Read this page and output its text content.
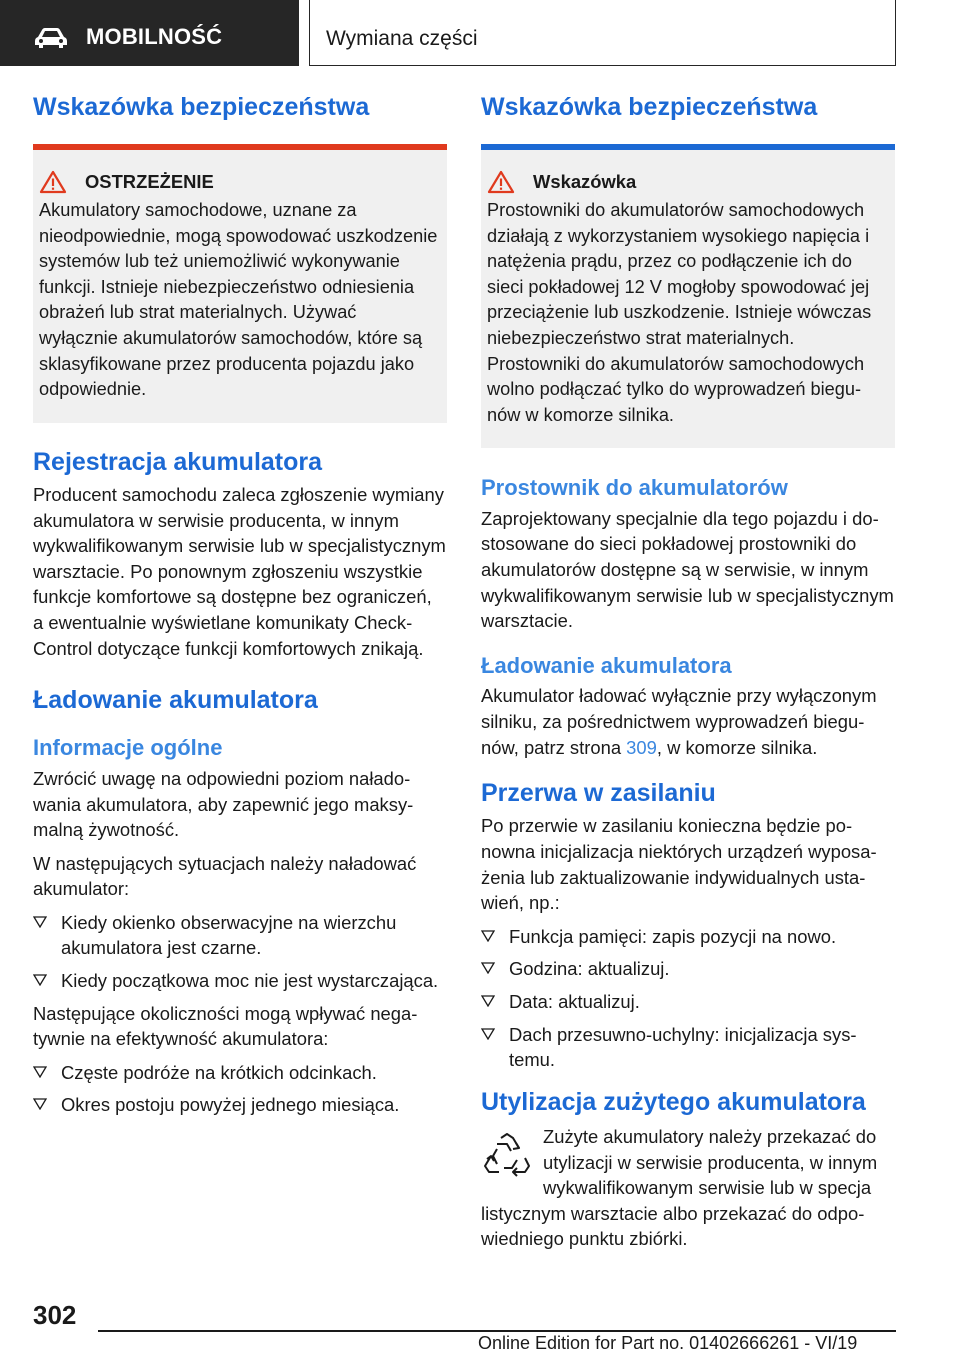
MOBILNOŚĆ	Wymiana części
Wskazówka bezpieczeństwa
OSTRZEŻENIE
Akumulatory samochodowe, uznane za nieodpowiednie, mogą spowodować uszkodzenie systemów lub też uniemożliwić wykonywanie funkcji. Istnieje niebezpieczeństwo odniesienia obrażeń lub strat materialnych. Używać wyłącznie akumulatorów samochodów, które są sklasyfikowane przez producenta pojazdu jako odpowiednie.
Rejestracja akumulatora
Producent samochodu zaleca zgłoszenie wymiany akumulatora w serwisie producenta, w innym wykwalifikowanym serwisie lub w specjalistycznym warsztacie. Po ponownym zgłoszeniu wszystkie funkcje komfortowe są dostępne bez ograniczeń, a ewentualnie wyświetlane komunikaty Check-Control dotyczące funkcji komfortowych znikają.
Ładowanie akumulatora
Informacje ogólne
Zwrócić uwagę na odpowiedni poziom naładowania akumulatora, aby zapewnić jego maksymalną żywotność.
W następujących sytuacjach należy naładować akumulator:
Kiedy okienko obserwacyjne na wierzchu akumulatora jest czarne.
Kiedy początkowa moc nie jest wystarczająca.
Następujące okoliczności mogą wpływać negatywnie na efektywność akumulatora:
Częste podróże na krótkich odcinkach.
Okres postoju powyżej jednego miesiąca.
Wskazówka bezpieczeństwa
Wskazówka
Prostowniki do akumulatorów samochodowych działają z wykorzystaniem wysokiego napięcia i natężenia prądu, przez co podłączenie ich do sieci pokładowej 12 V mogłoby spowodować jej przeciążenie lub uszkodzenie. Istnieje wówczas niebezpieczeństwo strat materialnych. Prostowniki do akumulatorów samochodowych wolno podłączać tylko do wyprowadzeń biegunów w komorze silnika.
Prostownik do akumulatorów
Zaprojektowany specjalnie dla tego pojazdu i dostosowane do sieci pokładowej prostowniki do akumulatorów dostępne są w serwisie, w innym wykwalifikowanym serwisie lub w specjalistycznym warsztacie.
Ładowanie akumulatora
Akumulator ładować wyłącznie przy wyłączonym silniku, za pośrednictwem wyprowadzeń biegunów, patrz strona 309, w komorze silnika.
Przerwa w zasilaniu
Po przerwie w zasilaniu konieczna będzie ponowna inicjalizacja niektórych urządzeń wyposażenia lub zaktualizowanie indywidualnych ustawień, np.:
Funkcja pamięci: zapis pozycji na nowo.
Godzina: aktualizuj.
Data: aktualizuj.
Dach przesuwno-uchylny: inicjalizacja systemu.
Utylizacja zużytego akumulatora
Zużyte akumulatory należy przekazać do utylizacji w serwisie producenta, w innym wykwalifikowanym serwisie lub w specja
listycznym warsztacie albo przekazać do odpowiedniego punktu zbiórki.
302
Online Edition for Part no. 01402666261 - VI/19
